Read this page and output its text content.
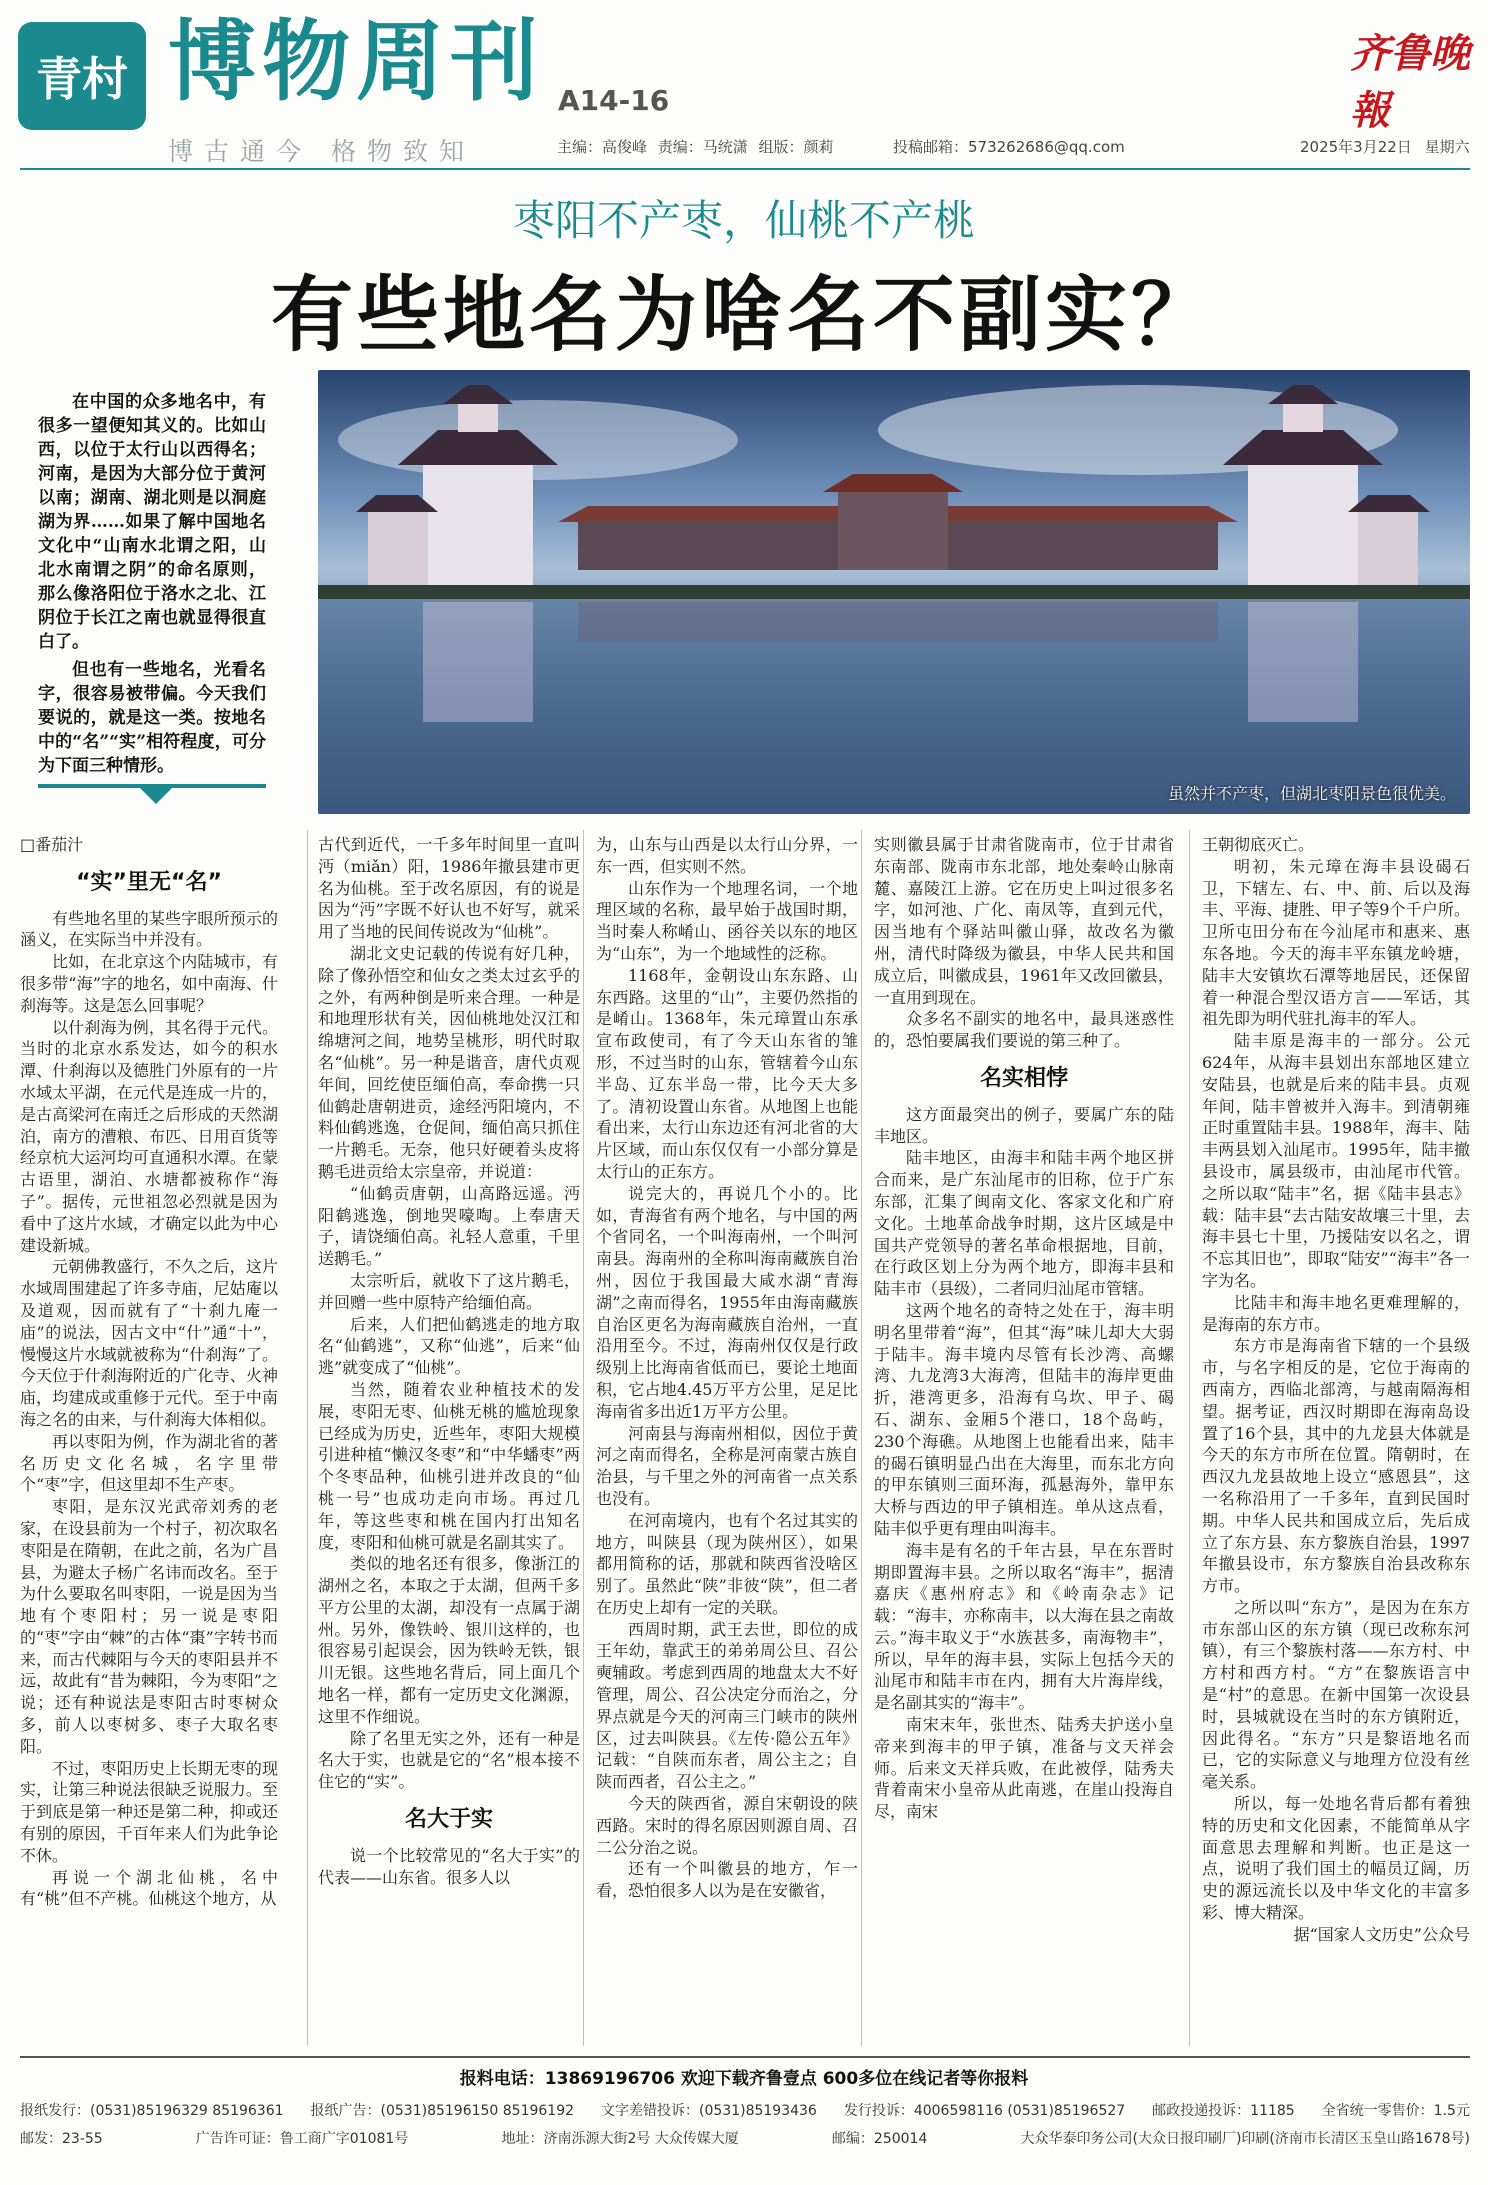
青村 博物周刊 A14-16
博古通今 格物致知	主编：高俊峰 责编：马统潇 组版：颜莉	投稿邮箱：573262686@qq.com	2025年3月22日 星期六
齐鲁晚報
枣阳不产枣，仙桃不产桃
有些地名为啥名不副实？

在中国的众多地名中，有很多一望便知其义的。比如山西，以位于太行山以西得名；河南，是因为大部分位于黄河以南；湖南、湖北则是以洞庭湖为界……如果了解中国地名文化中“山南水北谓之阳，山北水南谓之阴”的命名原则，那么像洛阳位于洛水之北、江阴位于长江之南也就显得很直白了。

但也有一些地名，光看名字，很容易被带偏。今天我们要说的，就是这一类。按地名中的“名”“实”相符程度，可分为下面三种情形。

虽然并不产枣，但湖北枣阳景色很优美。
□番茄汁
“实”里无“名”

有些地名里的某些字眼所预示的涵义，在实际当中并没有。

比如，在北京这个内陆城市，有很多带“海”字的地名，如中南海、什刹海等。这是怎么回事呢？

以什刹海为例，其名得于元代。当时的北京水系发达，如今的积水潭、什刹海以及德胜门外原有的一片水域太平湖，在元代是连成一片的，是古高梁河在南迁之后形成的天然湖泊，南方的漕粮、布匹、日用百货等经京杭大运河均可直通积水潭。在蒙古语里，湖泊、水塘都被称作“海子”。据传，元世祖忽必烈就是因为看中了这片水域，才确定以此为中心建设新城。

元朝佛教盛行，不久之后，这片水域周围建起了许多寺庙，尼姑庵以及道观，因而就有了“十刹九庵一庙”的说法，因古文中“什”通“十”，慢慢这片水域就被称为“什刹海”了。今天位于什刹海附近的广化寺、火神庙，均建成或重修于元代。至于中南海之名的由来，与什刹海大体相似。

再以枣阳为例，作为湖北省的著名历史文化名城，名字里带个“枣”字，但这里却不生产枣。

枣阳，是东汉光武帝刘秀的老家，在设县前为一个村子，初次取名枣阳是在隋朝，在此之前，名为广昌县，为避太子杨广名讳而改名。至于为什么要取名叫枣阳，一说是因为当地有个枣阳村；另一说是枣阳的“枣”字由“棘”的古体“棗”字转书而来，而古代棘阳与今天的枣阳县并不远，故此有“昔为棘阳，今为枣阳”之说；还有种说法是枣阳古时枣树众多，前人以枣树多、枣子大取名枣阳。

不过，枣阳历史上长期无枣的现实，让第三种说法很缺乏说服力。至于到底是第一种还是第二种，抑或还有别的原因，千百年来人们为此争论不休。

再说一个湖北仙桃，名中有“桃”但不产桃。仙桃这个地方，从

古代到近代，一千多年时间里一直叫沔（miǎn）阳，1986年撤县建市更名为仙桃。至于改名原因，有的说是因为“沔”字既不好认也不好写，就采用了当地的民间传说改为“仙桃”。

湖北文史记载的传说有好几种，除了像孙悟空和仙女之类太过玄乎的之外，有两种倒是听来合理。一种是和地理形状有关，因仙桃地处汉江和绵塘河之间，地势呈桃形，明代时取名“仙桃”。另一种是谐音，唐代贞观年间，回纥使臣缅伯高，奉命携一只仙鹤赴唐朝进贡，途经沔阳境内，不料仙鹤逃逸，仓促间，缅伯高只抓住一片鹅毛。无奈，他只好硬着头皮将鹅毛进贡给太宗皇帝，并说道：

“仙鹤贡唐朝，山高路远遥。沔阳鹤逃逸，倒地哭嚎啕。上奉唐天子，请饶缅伯高。礼轻人意重，千里送鹅毛。”

太宗听后，就收下了这片鹅毛，并回赠一些中原特产给缅伯高。

后来，人们把仙鹤逃走的地方取名“仙鹤逃”，又称“仙逃”，后来“仙逃”就变成了“仙桃”。

当然，随着农业种植技术的发展，枣阳无枣、仙桃无桃的尴尬现象已经成为历史，近些年，枣阳大规模引进种植“懒汉冬枣”和“中华蟠枣”两个冬枣品种，仙桃引进并改良的“仙桃一号”也成功走向市场。再过几年，等这些枣和桃在国内打出知名度，枣阳和仙桃可就是名副其实了。

类似的地名还有很多，像浙江的湖州之名，本取之于太湖，但两千多平方公里的太湖，却没有一点属于湖州。另外，像铁岭、银川这样的，也很容易引起误会，因为铁岭无铁，银川无银。这些地名背后，同上面几个地名一样，都有一定历史文化渊源，这里不作细说。

除了名里无实之外，还有一种是名大于实，也就是它的“名”根本接不住它的“实”。

名大于实

说一个比较常见的“名大于实”的代表——山东省。很多人以

为，山东与山西是以太行山分界，一东一西，但实则不然。

山东作为一个地理名词，一个地理区域的名称，最早始于战国时期，当时秦人称崤山、函谷关以东的地区为“山东”，为一个地域性的泛称。

1168年，金朝设山东东路、山东西路。这里的“山”，主要仍然指的是崤山。1368年，朱元璋置山东承宣布政使司，有了今天山东省的雏形，不过当时的山东，管辖着今山东半岛、辽东半岛一带，比今天大多了。清初设置山东省。从地图上也能看出来，太行山东边还有河北省的大片区域，而山东仅仅有一小部分算是太行山的正东方。

说完大的，再说几个小的。比如，青海省有两个地名，与中国的两个省同名，一个叫海南州，一个叫河南县。海南州的全称叫海南藏族自治州，因位于我国最大咸水湖“青海湖”之南而得名，1955年由海南藏族自治区更名为海南藏族自治州，一直沿用至今。不过，海南州仅仅是行政级别上比海南省低而已，要论土地面积，它占地4.45万平方公里，足足比海南省多出近1万平方公里。

河南县与海南州相似，因位于黄河之南而得名，全称是河南蒙古族自治县，与千里之外的河南省一点关系也没有。

在河南境内，也有个名过其实的地方，叫陕县（现为陕州区），如果都用简称的话，那就和陕西省没啥区别了。虽然此“陕”非彼“陕”，但二者在历史上却有一定的关联。

西周时期，武王去世，即位的成王年幼，靠武王的弟弟周公旦、召公奭辅政。考虑到西周的地盘太大不好管理，周公、召公决定分而治之，分界点就是今天的河南三门峡市的陕州区，过去叫陕县。《左传·隐公五年》记载：“自陕而东者，周公主之；自陕而西者，召公主之。”

今天的陕西省，源自宋朝设的陕西路。宋时的得名原因则源自周、召二公分治之说。

还有一个叫徽县的地方，乍一看，恐怕很多人以为是在安徽省，

实则徽县属于甘肃省陇南市，位于甘肃省东南部、陇南市东北部，地处秦岭山脉南麓、嘉陵江上游。它在历史上叫过很多名字，如河池、广化、南凤等，直到元代，因当地有个驿站叫徽山驿，故改名为徽州，清代时降级为徽县，中华人民共和国成立后，叫徽成县，1961年又改回徽县，一直用到现在。

众多名不副实的地名中，最具迷惑性的，恐怕要属我们要说的第三种了。

名实相悖

这方面最突出的例子，要属广东的陆丰地区。

陆丰地区，由海丰和陆丰两个地区拼合而来，是广东汕尾市的旧称，位于广东东部，汇集了闽南文化、客家文化和广府文化。土地革命战争时期，这片区域是中国共产党领导的著名革命根据地，目前，在行政区划上分为两个地方，即海丰县和陆丰市（县级），二者同归汕尾市管辖。

这两个地名的奇特之处在于，海丰明明名里带着“海”，但其“海”味儿却大大弱于陆丰。海丰境内尽管有长沙湾、高螺湾、九龙湾3大海湾，但陆丰的海岸更曲折，港湾更多，沿海有乌坎、甲子、碣石、湖东、金厢5个港口，18个岛屿，230个海礁。从地图上也能看出来，陆丰的碣石镇明显凸出在大海里，而东北方向的甲东镇则三面环海，孤悬海外，靠甲东大桥与西边的甲子镇相连。单从这点看，陆丰似乎更有理由叫海丰。

海丰是有名的千年古县，早在东晋时期即置海丰县。之所以取名“海丰”，据清嘉庆《惠州府志》和《岭南杂志》记载：“海丰，亦称南丰，以大海在县之南故云。”海丰取义于“水族甚多，南海物丰”，所以，早年的海丰县，实际上包括今天的汕尾市和陆丰市在内，拥有大片海岸线，是名副其实的“海丰”。

南宋末年，张世杰、陆秀夫护送小皇帝来到海丰的甲子镇，准备与文天祥会师。后来文天祥兵败，在此被俘，陆秀夫背着南宋小皇帝从此南逃，在崖山投海自尽，南宋

王朝彻底灭亡。

明初，朱元璋在海丰县设碣石卫，下辖左、右、中、前、后以及海丰、平海、捷胜、甲子等9个千户所。卫所屯田分布在今汕尾市和惠来、惠东各地。今天的海丰平东镇龙岭塘，陆丰大安镇坎石潭等地居民，还保留着一种混合型汉语方言——军话，其祖先即为明代驻扎海丰的军人。

陆丰原是海丰的一部分。公元624年，从海丰县划出东部地区建立安陆县，也就是后来的陆丰县。贞观年间，陆丰曾被并入海丰。到清朝雍正时重置陆丰县。1988年，海丰、陆丰两县划入汕尾市。1995年，陆丰撤县设市，属县级市，由汕尾市代管。之所以取“陆丰”名，据《陆丰县志》载：陆丰县“去古陆安故壤三十里，去海丰县七十里，乃援陆安以名之，谓不忘其旧也”，即取“陆安”“海丰”各一字为名。

比陆丰和海丰地名更难理解的，是海南的东方市。

东方市是海南省下辖的一个县级市，与名字相反的是，它位于海南的西南方，西临北部湾，与越南隔海相望。据考证，西汉时期即在海南岛设置了16个县，其中的九龙县大体就是今天的东方市所在位置。隋朝时，在西汉九龙县故地上设立“感恩县”，这一名称沿用了一千多年，直到民国时期。中华人民共和国成立后，先后成立了东方县、东方黎族自治县，1997年撤县设市，东方黎族自治县改称东方市。

之所以叫“东方”，是因为在东方市东部山区的东方镇（现已改称东河镇），有三个黎族村落——东方村、中方村和西方村。“方”在黎族语言中是“村”的意思。在新中国第一次设县时，县城就设在当时的东方镇附近，因此得名。“东方”只是黎语地名而已，它的实际意义与地理方位没有丝毫关系。

所以，每一处地名背后都有着独特的历史和文化因素，不能简单从字面意思去理解和判断。也正是这一点，说明了我们国土的幅员辽阔，历史的源远流长以及中华文化的丰富多彩、博大精深。

据“国家人文历史”公众号

报料电话：13869196706 欢迎下载齐鲁壹点 600多位在线记者等你报料
报纸发行：(0531)85196329 85196361 报纸广告：(0531)85196150 85196192 文字差错投诉：(0531)85193436 发行投诉：4006598116 (0531)85196527 邮政投递投诉：11185 全省统一零售价：1.5元
邮发：23-55	广告许可证：鲁工商广字01081号	地址：济南泺源大街2号 大众传媒大厦	邮编：250014	大众华泰印务公司(大众日报印刷厂)印刷(济南市长清区玉皇山路1678号)
